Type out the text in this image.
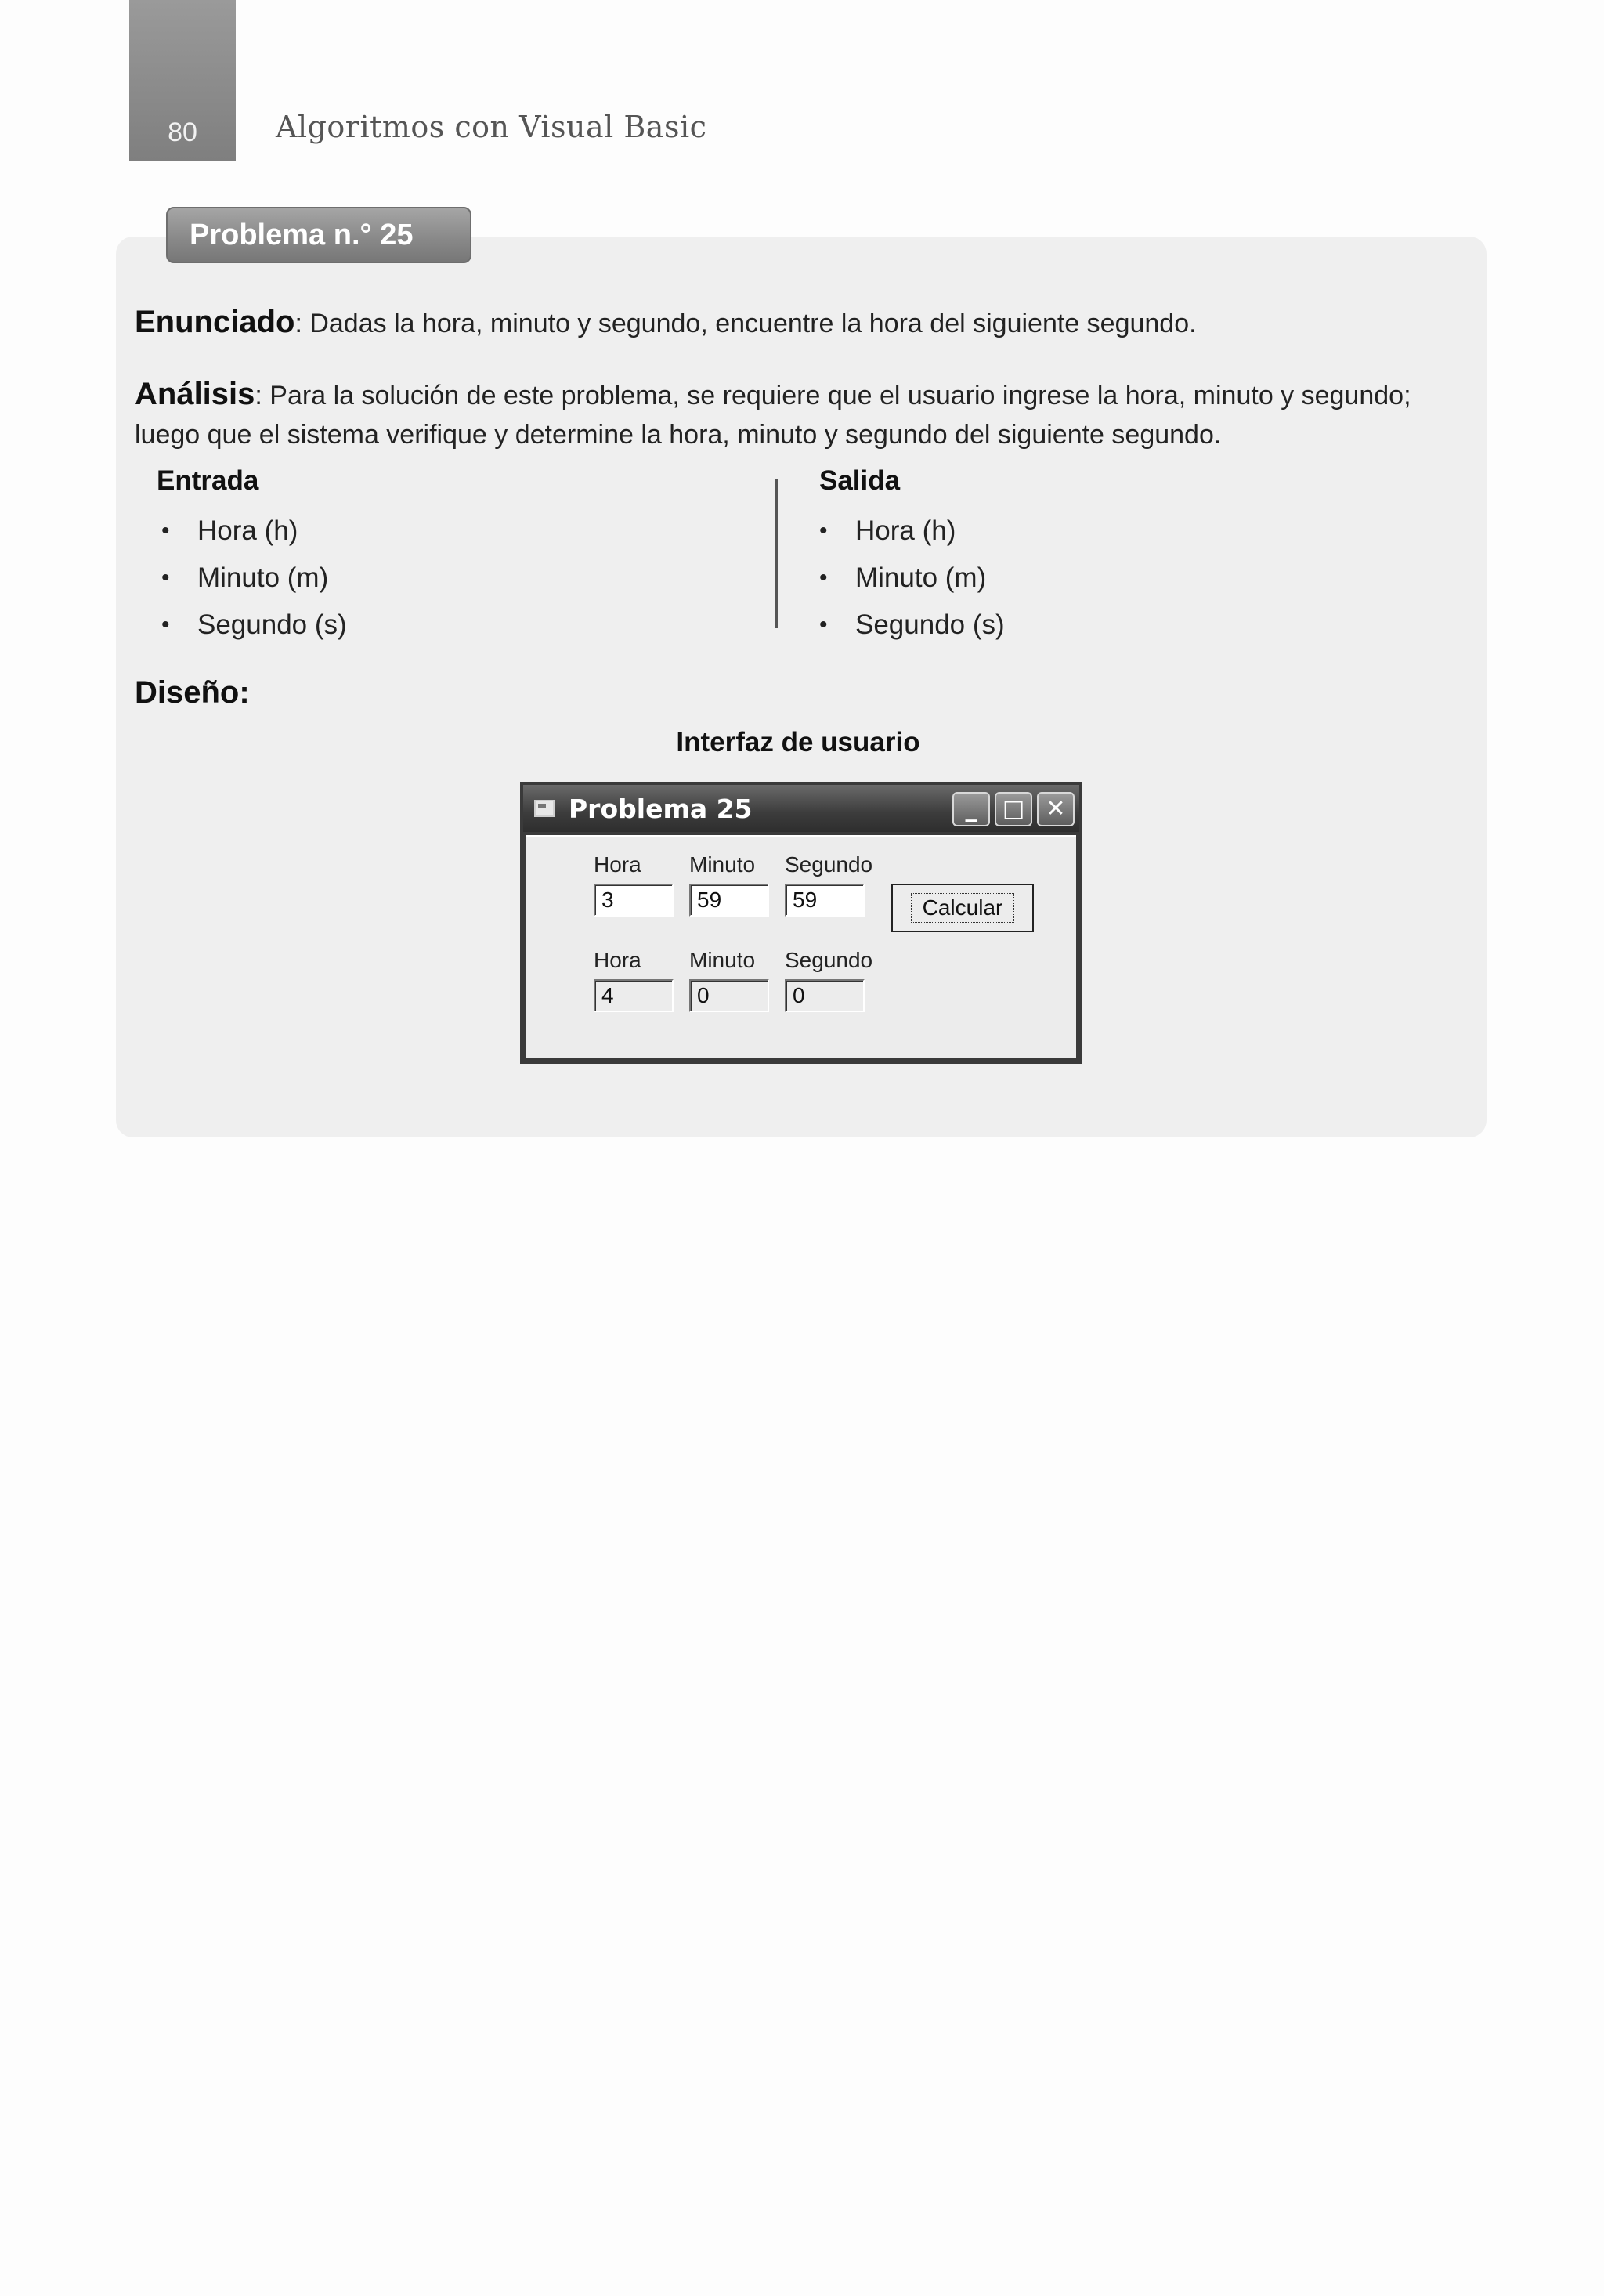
80	Algoritmos con Visual Basic
Problema n.° 25
Enunciado: Dadas la hora, minuto y segundo, encuentre la hora del siguiente segundo.
Análisis: Para la solución de este problema, se requiere que el usuario ingrese la hora, minuto y segundo; luego que el sistema verifique y determine la hora, minuto y segundo del siguiente segundo.
Entrada
• Hora (h)
• Minuto (m)
• Segundo (s)
Salida
• Hora (h)
• Minuto (m)
• Segundo (s)
Diseño:
Interfaz de usuario
Problema 25	_	□ ✕
Hora Minuto Segundo
3	59	59	Calcular
Hora Minuto Segundo
4	0	0
